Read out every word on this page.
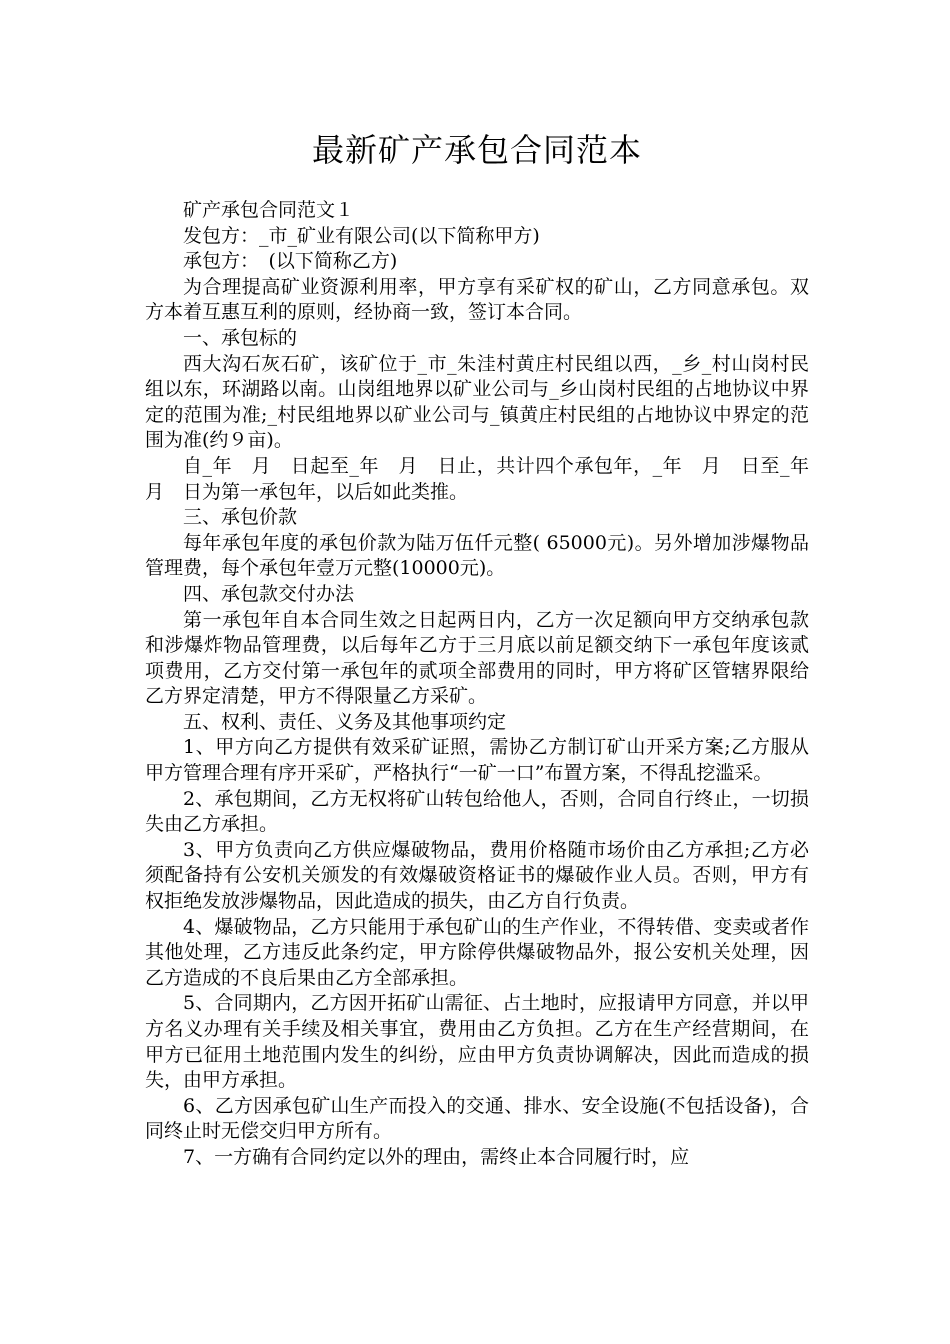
最新矿产承包合同范本

矿产承包合同范文１

发包方：_市_矿业有限公司(以下简称甲方)

承包方：　(以下简称乙方)

为合理提高矿业资源利用率，甲方享有采矿权的矿山，乙方同意承包。双方本着互惠互利的原则，经协商一致，签订本合同。

一、承包标的

西大沟石灰石矿，该矿位于_市_朱洼村黄庄村民组以西，_乡_村山岗村民组以东，环湖路以南。山岗组地界以矿业公司与_乡山岗村民组的占地协议中界定的范围为准;_村民组地界以矿业公司与_镇黄庄村民组的占地协议中界定的范围为准(约９亩)。

自_年　月　日起至_年　月　日止，共计四个承包年，_年　月　日至_年　月　日为第一承包年，以后如此类推。

三、承包价款

每年承包年度的承包价款为陆万伍仟元整( 65000元)。另外增加涉爆物品管理费，每个承包年壹万元整(10000元)。

四、承包款交付办法

第一承包年自本合同生效之日起两日内，乙方一次足额向甲方交纳承包款和涉爆炸物品管理费，以后每年乙方于三月底以前足额交纳下一承包年度该贰项费用，乙方交付第一承包年的贰项全部费用的同时，甲方将矿区管辖界限给乙方界定清楚，甲方不得限量乙方采矿。

五、权利、责任、义务及其他事项约定

1、甲方向乙方提供有效采矿证照，需协乙方制订矿山开采方案;乙方服从甲方管理合理有序开采矿，严格执行“一矿一口”布置方案，不得乱挖滥采。

2、承包期间，乙方无权将矿山转包给他人，否则，合同自行终止，一切损失由乙方承担。

3、甲方负责向乙方供应爆破物品，费用价格随市场价由乙方承担;乙方必须配备持有公安机关颁发的有效爆破资格证书的爆破作业人员。否则，甲方有权拒绝发放涉爆物品，因此造成的损失，由乙方自行负责。

4、爆破物品，乙方只能用于承包矿山的生产作业，不得转借、变卖或者作其他处理，乙方违反此条约定，甲方除停供爆破物品外，报公安机关处理，因乙方造成的不良后果由乙方全部承担。

5、合同期内，乙方因开拓矿山需征、占土地时，应报请甲方同意，并以甲方名义办理有关手续及相关事宜，费用由乙方负担。乙方在生产经营期间，在甲方已征用土地范围内发生的纠纷，应由甲方负责协调解决，因此而造成的损失，由甲方承担。

6、乙方因承包矿山生产而投入的交通、排水、安全设施(不包括设备)，合同终止时无偿交归甲方所有。

7、一方确有合同约定以外的理由，需终止本合同履行时，应
